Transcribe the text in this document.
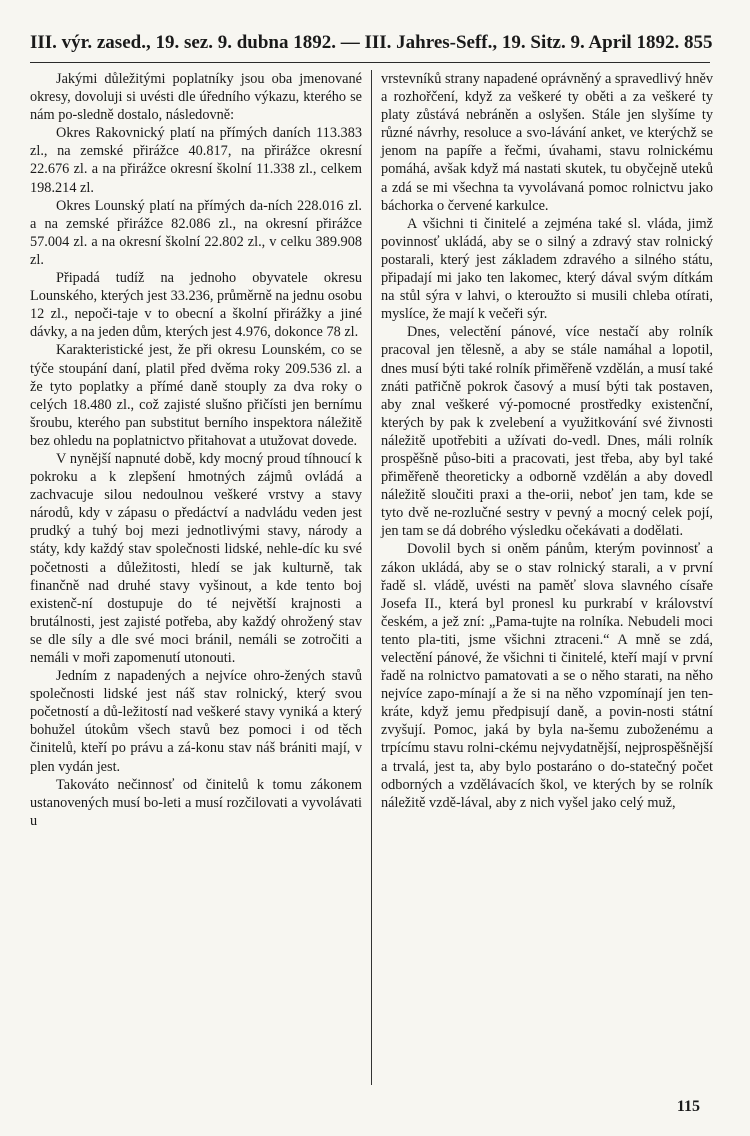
III. výr. zased., 19. sez. 9. dubna 1892. — III. Jahres-Seff., 19. Sitz. 9. April 1892. 855

Jakými důležitými poplatníky jsou oba jmenované okresy, dovoluji si uvésti dle úředního výkazu, kterého se nám po-sledně dostalo, následovně:

Okres Rakovnický platí na přímých daních 113.383 zl., na zemské přirážce 40.817, na přirážce okresní 22.676 zl. a na přirážce okresní školní 11.338 zl., celkem 198.214 zl.

Okres Lounský platí na přímých da-ních 228.016 zl. a na zemské přirážce 82.086 zl., na okresní přirážce 57.004 zl. a na okresní školní 22.802 zl., v celku 389.908 zl.

Připadá tudíž na jednoho obyvatele okresu Lounského, kterých jest 33.236, průměrně na jednu osobu 12 zl., nepoči-taje v to obecní a školní přirážky a jiné dávky, a na jeden dům, kterých jest 4.976, dokonce 78 zl.

Karakteristické jest, že při okresu Lounském, co se týče stoupání daní, platil před dvěma roky 209.536 zl. a že tyto poplatky a přímé daně stouply za dva roky o celých 18.480 zl., což zajisté slušno přičísti jen bernímu šroubu, kterého pan substitut berního inspektora náležitě bez ohledu na poplatnictvo přitahovat a utužovat dovede.

V nynější napnuté době, kdy mocný proud tíhnoucí k pokroku a k zlepšení hmotných zájmů ovládá a zachvacuje silou nedoulnou veškeré vrstvy a stavy národů, kdy v zápasu o předáctví a nadvládu veden jest prudký a tuhý boj mezi jednotlivými stavy, národy a státy, kdy každý stav společnosti lidské, nehle-díc ku své početnosti a důležitosti, hledí se jak kulturně, tak finančně nad druhé stavy vyšinout, a kde tento boj existenč-ní dostupuje do té největší krajnosti a brutálnosti, jest zajisté potřeba, aby každý ohrožený stav se dle síly a dle své moci bránil, nemáli se zotročiti a nemáli v moři zapomenutí utonouti.

Jedním z napadených a nejvíce ohro-žených stavů společnosti lidské jest náš stav rolnický, který svou početností a dů-ležitostí nad veškeré stavy vyniká a který bohužel útokům všech stavů bez pomoci i od těch činitelů, kteří po právu a zá-konu stav náš brániti mají, v plen vydán jest.

Takováto nečinnosť od činitelů k tomu zákonem ustanovených musí bo-leti a musí rozčilovati a vyvolávati u

vrstevníků strany napadené oprávněný a spravedlivý hněv a rozhořčení, když za veškeré ty oběti a za veškeré ty platy zůstává nebráněn a oslyšen. Stále jen slyšíme ty různé návrhy, resoluce a svo-lávání anket, ve kterýchž se jenom na papíře a řečmi, úvahami, stavu rolnickému pomáhá, avšak když má nastati skutek, tu obyčejně uteků a zdá se mi všechna ta vyvolávaná pomoc rolnictvu jako báchorka o červené karkulce.

A všichni ti činitelé a zejména také sl. vláda, jimž povinnosť ukládá, aby se o silný a zdravý stav rolnický postarali, který jest základem zdravého a silného státu, připadají mi jako ten lakomec, který dával svým dítkám na stůl sýra v lahvi, o kteroužto si musili chleba otírati, myslíce, že mají k večeři sýr.

Dnes, velectění pánové, více nestačí aby rolník pracoval jen tělesně, a aby se stále namáhal a lopotil, dnes musí býti také rolník přiměřeně vzdělán, a musí také znáti patřičně pokrok časový a musí býti tak postaven, aby znal veškeré vý-pomocné prostředky existenční, kterých by pak k zvelebení a využitkování své živnosti náležitě upotřebiti a užívati do-vedl. Dnes, máli rolník prospěšně půso-biti a pracovati, jest třeba, aby byl také přiměřeně theoreticky a odborně vzdělán a aby dovedl náležitě sloučiti praxi a the-orii, neboť jen tam, kde se tyto dvě ne-rozlučné sestry v pevný a mocný celek pojí, jen tam se dá dobrého výsledku očekávati a dodělati.

Dovolil bych si oněm pánům, kterým povinnosť a zákon ukládá, aby se o stav rolnický starali, a v první řadě sl. vládě, uvésti na paměť slova slavného císaře Josefa II., která byl pronesl ku purkrabí v království českém, a jež zní: „Pama-tujte na rolníka. Nebudeli moci tento pla-titi, jsme všichni ztraceni.“ A mně se zdá, velectění pánové, že všichni ti činitelé, kteří mají v první řadě na rolnictvo pamatovati a se o něho starati, na něho nejvíce zapo-mínají a že si na něho vzpomínají jen ten-kráte, když jemu předpisují daně, a povin-nosti státní zvyšují. Pomoc, jaká by byla na-šemu zuboženému a trpícímu stavu rolni-ckému nejvydatnější, nejprospěšnější a trvalá, jest ta, aby bylo postaráno o do-statečný počet odborných a vzdělávacích škol, ve kterých by se rolník náležitě vzdě-lával, aby z nich vyšel jako celý muž,

115
